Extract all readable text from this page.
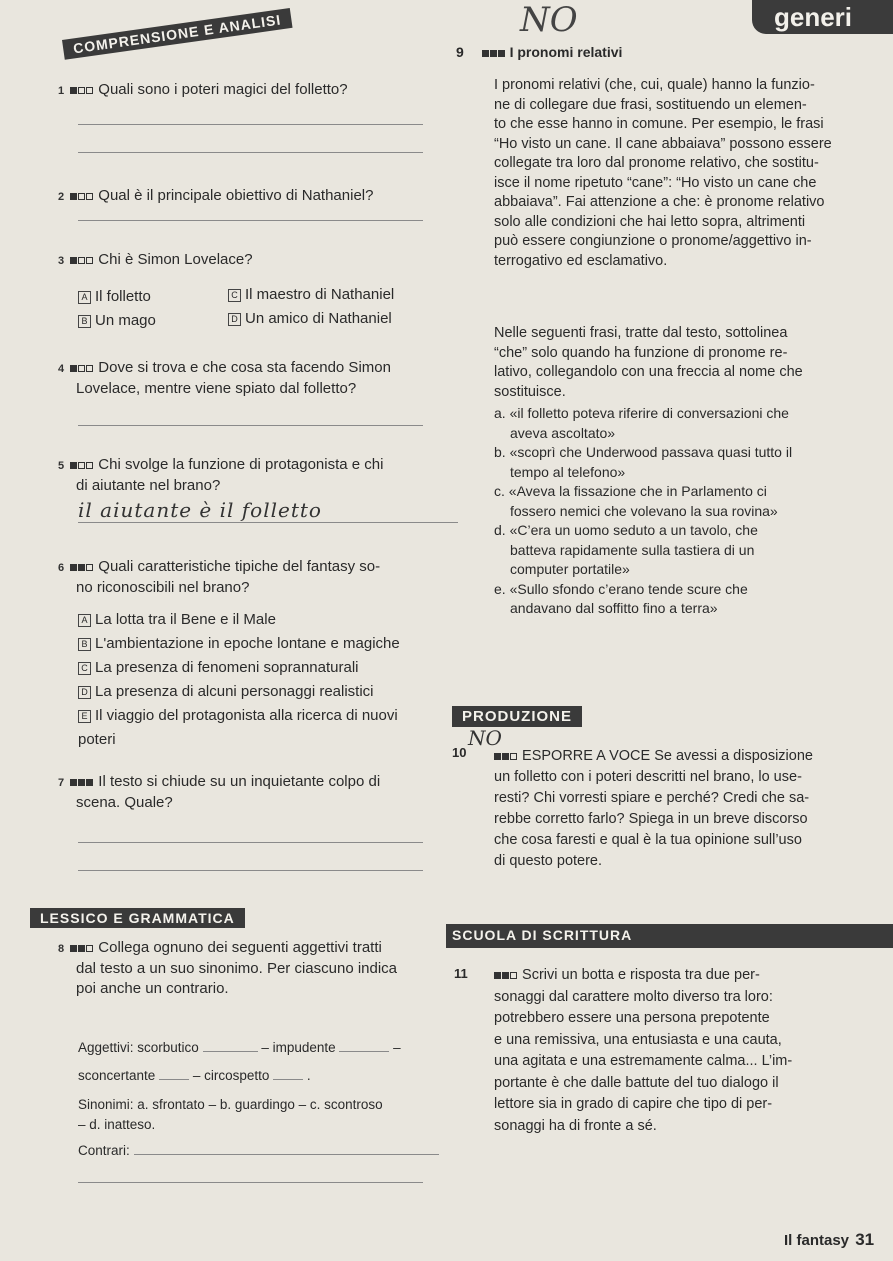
generi
NO
COMPRENSIONE E ANALISI
1 Quali sono i poteri magici del folletto?
2 Qual è il principale obiettivo di Nathaniel?
3 Chi è Simon Lovelace?
A Il folletto	C Il maestro di Nathaniel
B Un mago	D Un amico di Nathaniel
4 Dove si trova e che cosa sta facendo Simon
Lovelace, mentre viene spiato dal folletto?
5 Chi svolge la funzione di protagonista e chi
di aiutante nel brano?
il aiutante è il folletto
6 Quali caratteristiche tipiche del fantasy so-
no riconoscibili nel brano?
A La lotta tra il Bene e il Male
B L'ambientazione in epoche lontane e magiche
C La presenza di fenomeni soprannaturali
D La presenza di alcuni personaggi realistici
E Il viaggio del protagonista alla ricerca di nuovi
poteri
7 Il testo si chiude su un inquietante colpo di
scena. Quale?
LESSICO E GRAMMATICA
8 Collega ognuno dei seguenti aggettivi tratti
dal testo a un suo sinonimo. Per ciascuno indica
poi anche un contrario.
Aggettivi: scorbutico	– impudente	–
sconcertante	– circospetto	.
Sinonimi: a. sfrontato – b. guardingo – c. scontroso
– d. inatteso.
Contrari:
9	I pronomi relativi
I pronomi relativi (che, cui, quale) hanno la funzio-
ne di collegare due frasi, sostituendo un elemen-
to che esse hanno in comune. Per esempio, le frasi
“Ho visto un cane. Il cane abbaiava” possono essere
collegate tra loro dal pronome relativo, che sostitu-
isce il nome ripetuto “cane”: “Ho visto un cane che
abbaiava”. Fai attenzione a che: è pronome relativo
solo alle condizioni che hai letto sopra, altrimenti
può essere congiunzione o pronome/aggettivo in-
terrogativo ed esclamativo.
Nelle seguenti frasi, tratte dal testo, sottolinea
“che” solo quando ha funzione di pronome re-
lativo, collegandolo con una freccia al nome che
sostituisce.
a. «il folletto poteva riferire di conversazioni che
aveva ascoltato»
b. «scoprì che Underwood passava quasi tutto il
tempo al telefono»
c. «Aveva la fissazione che in Parlamento ci
fossero nemici che volevano la sua rovina»
d. «C’era un uomo seduto a un tavolo, che
batteva rapidamente sulla tastiera di un
computer portatile»
e. «Sullo sfondo c’erano tende scure che
andavano dal soffitto fino a terra»
PRODUZIONE
NO
10	ESPORRE A VOCE Se avessi a disposizione
un folletto con i poteri descritti nel brano, lo use-
resti? Chi vorresti spiare e perché? Credi che sa-
rebbe corretto farlo? Spiega in un breve discorso
che cosa faresti e qual è la tua opinione sull’uso
di questo potere.
SCUOLA DI SCRITTURA
11	Scrivi un botta e risposta tra due per-
sonaggi dal carattere molto diverso tra loro:
potrebbero essere una persona prepotente
e una remissiva, una entusiasta e una cauta,
una agitata e una estremamente calma... L’im-
portante è che dalle battute del tuo dialogo il
lettore sia in grado di capire che tipo di per-
sonaggi ha di fronte a sé.
Il fantasy 31
